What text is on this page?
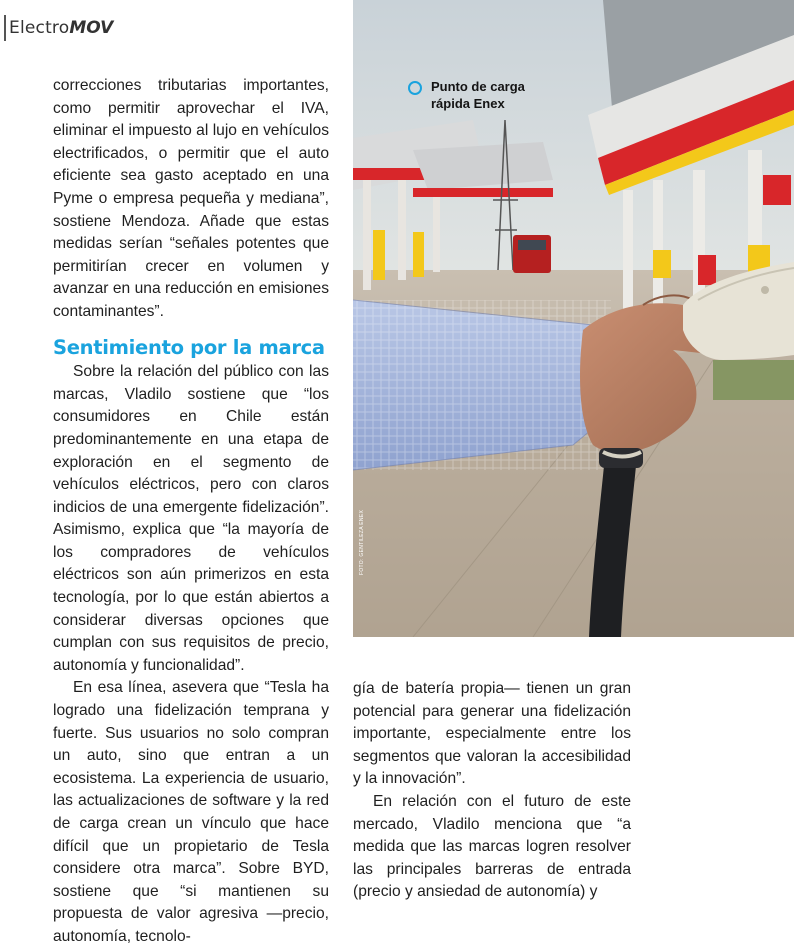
Electro MOV

correcciones tributarias importantes, como permitir aprovechar el IVA, eliminar el impuesto al lujo en vehículos electrificados, o permitir que el auto eficiente sea gasto aceptado en una Pyme o empresa pequeña y mediana”, sostiene Mendoza. Añade que estas medidas serían “señales potentes que permitirían crecer en volumen y avanzar en una reducción en emisiones contaminantes”.

Sentimiento por la marca

Sobre la relación del público con las marcas, Vladilo sostiene que “los consumidores en Chile están predominantemente en una etapa de exploración en el segmento de vehículos eléctricos, pero con claros indicios de una emergente fidelización”. Asimismo, explica que “la mayoría de los compradores de vehículos eléctricos son aún primerizos en esta tecnología, por lo que están abiertos a considerar diversas opciones que cumplan con sus requisitos de precio, autonomía y funcionalidad”.

En esa línea, asevera que “Tesla ha logrado una fidelización temprana y fuerte. Sus usuarios no solo compran un auto, sino que entran a un ecosistema. La experiencia de usuario, las actualizaciones de software y la red de carga crean un vínculo que hace difícil que un propietario de Tesla considere otra marca”. Sobre BYD, sostiene que “si mantienen su propuesta de valor agresiva —precio, autonomía, tecnolo-

Punto de carga
rápida Enex
FOTO: GENTILEZA ENEX

gía de batería propia— tienen un gran potencial para generar una fidelización importante, especialmente entre los segmentos que valoran la accesibilidad y la innovación”.

En relación con el futuro de este mercado, Vladilo menciona que “a medida que las marcas logren resolver las principales barreras de entrada (precio y ansiedad de autonomía) y
